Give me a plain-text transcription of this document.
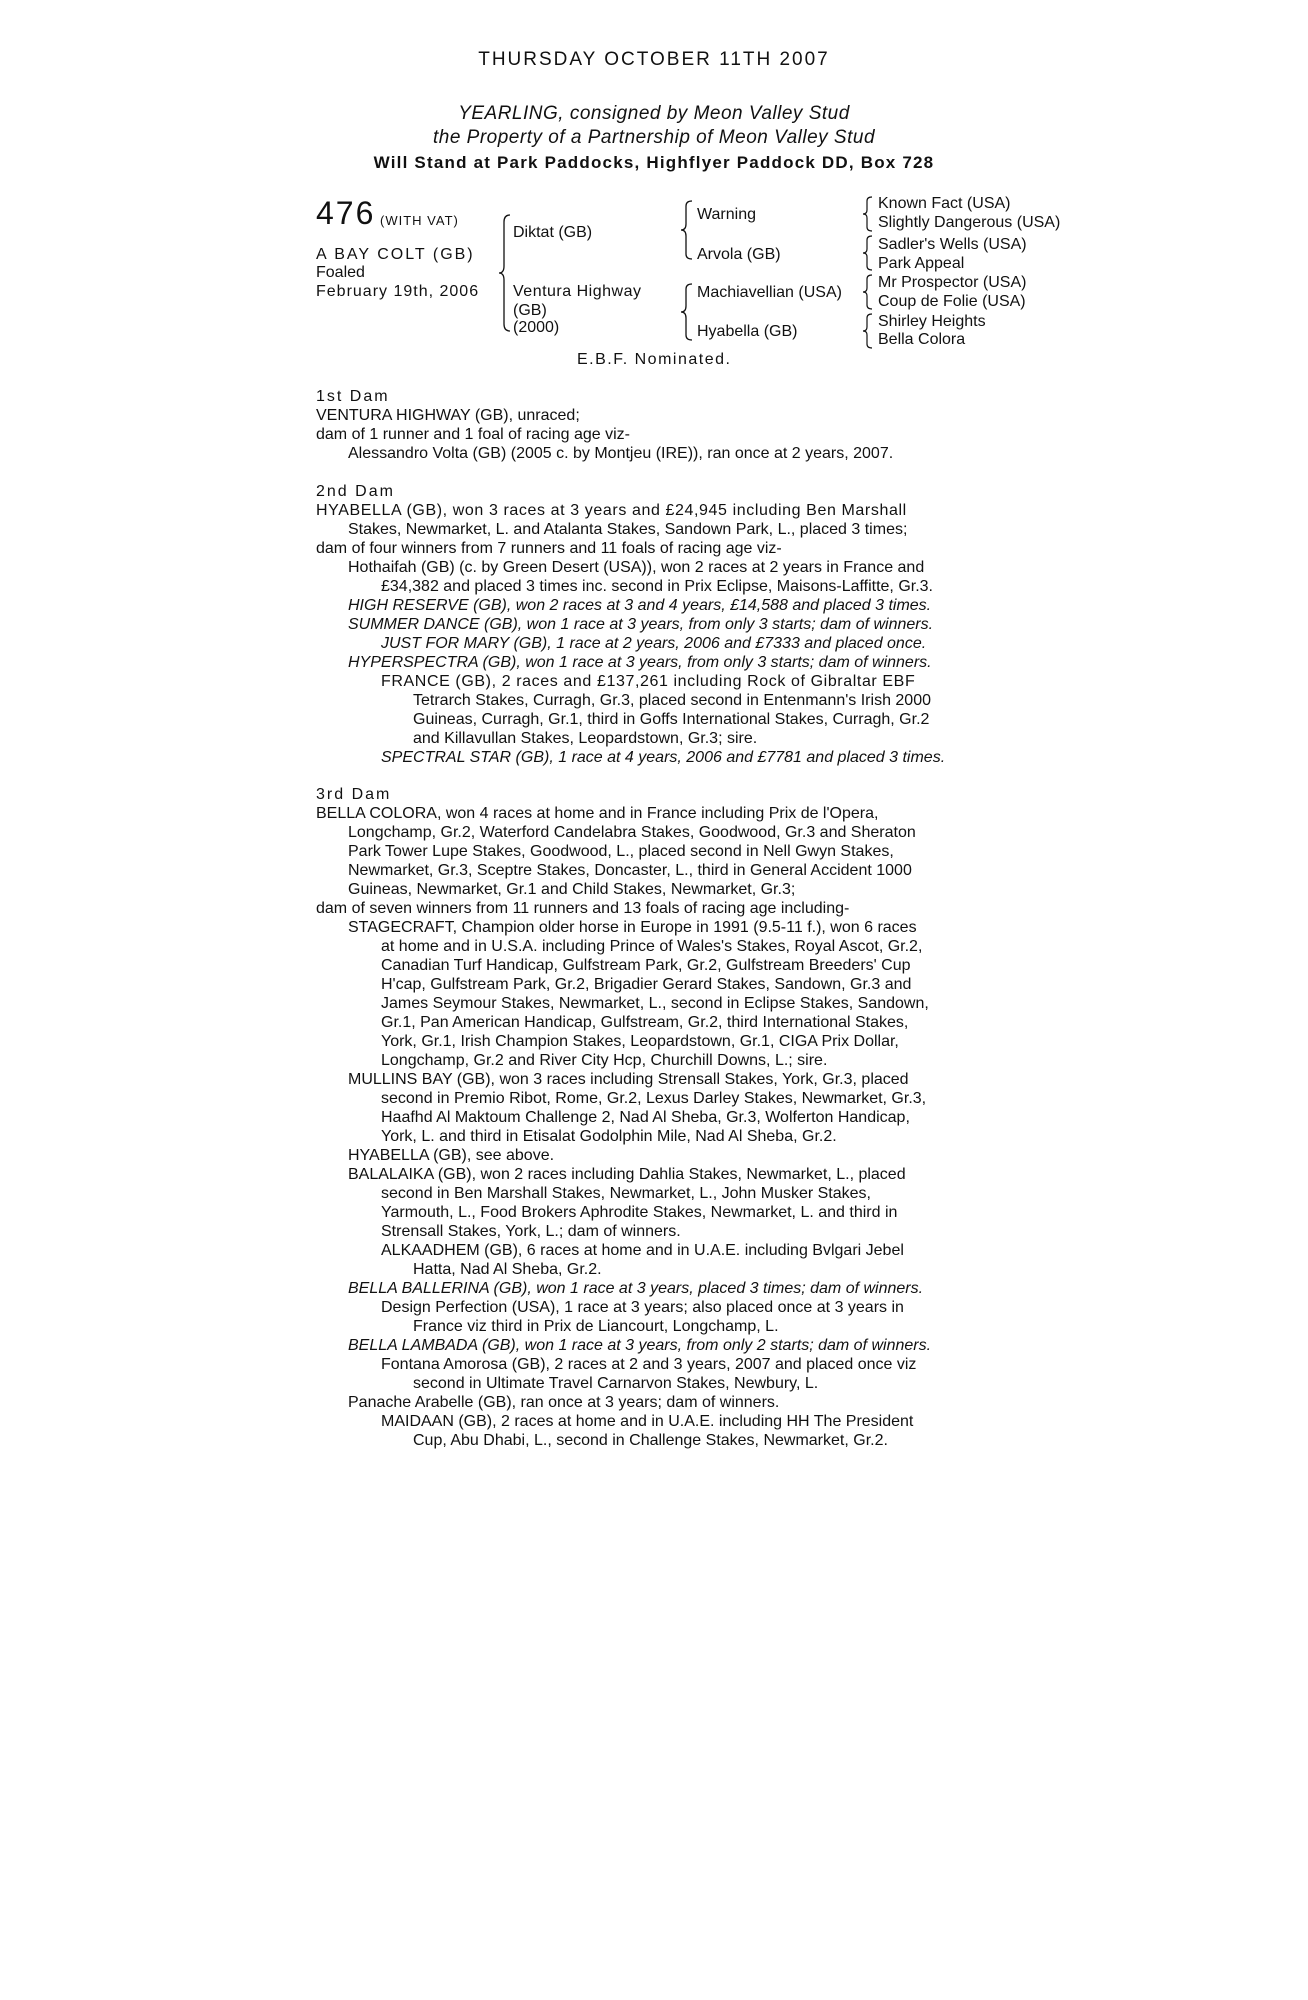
THURSDAY OCTOBER 11TH 2007
YEARLING, consigned by Meon Valley Stud
the Property of a Partnership of Meon Valley Stud
Will Stand at Park Paddocks, Highflyer Paddock DD, Box 728
476 (WITH VAT)
A BAY COLT (GB)
Foaled
February 19th, 2006
Diktat (GB)
Ventura Highway
(GB)
(2000)
Warning
Arvola (GB)
Machiavellian (USA)
Hyabella (GB)
Known Fact (USA)
Slightly Dangerous (USA)
Sadler's Wells (USA)
Park Appeal
Mr Prospector (USA)
Coup de Folie (USA)
Shirley Heights
Bella Colora
E.B.F. Nominated.
1st Dam
VENTURA HIGHWAY (GB), unraced;
dam of 1 runner and 1 foal of racing age viz-
Alessandro Volta (GB) (2005 c. by Montjeu (IRE)), ran once at 2 years, 2007.
2nd Dam
HYABELLA (GB), won 3 races at 3 years and £24,945 including Ben Marshall
Stakes, Newmarket, L. and Atalanta Stakes, Sandown Park, L., placed 3 times;
dam of four winners from 7 runners and 11 foals of racing age viz-
Hothaifah (GB) (c. by Green Desert (USA)), won 2 races at 2 years in France and
£34,382 and placed 3 times inc. second in Prix Eclipse, Maisons-Laffitte, Gr.3.
HIGH RESERVE (GB), won 2 races at 3 and 4 years, £14,588 and placed 3 times.
SUMMER DANCE (GB), won 1 race at 3 years, from only 3 starts; dam of winners.
JUST FOR MARY (GB), 1 race at 2 years, 2006 and £7333 and placed once.
HYPERSPECTRA (GB), won 1 race at 3 years, from only 3 starts; dam of winners.
FRANCE (GB), 2 races and £137,261 including Rock of Gibraltar EBF
Tetrarch Stakes, Curragh, Gr.3, placed second in Entenmann's Irish 2000
Guineas, Curragh, Gr.1, third in Goffs International Stakes, Curragh, Gr.2
and Killavullan Stakes, Leopardstown, Gr.3; sire.
SPECTRAL STAR (GB), 1 race at 4 years, 2006 and £7781 and placed 3 times.
3rd Dam
BELLA COLORA, won 4 races at home and in France including Prix de l'Opera,
Longchamp, Gr.2, Waterford Candelabra Stakes, Goodwood, Gr.3 and Sheraton
Park Tower Lupe Stakes, Goodwood, L., placed second in Nell Gwyn Stakes,
Newmarket, Gr.3, Sceptre Stakes, Doncaster, L., third in General Accident 1000
Guineas, Newmarket, Gr.1 and Child Stakes, Newmarket, Gr.3;
dam of seven winners from 11 runners and 13 foals of racing age including-
STAGECRAFT, Champion older horse in Europe in 1991 (9.5-11 f.), won 6 races
at home and in U.S.A. including Prince of Wales's Stakes, Royal Ascot, Gr.2,
Canadian Turf Handicap, Gulfstream Park, Gr.2, Gulfstream Breeders' Cup
H'cap, Gulfstream Park, Gr.2, Brigadier Gerard Stakes, Sandown, Gr.3 and
James Seymour Stakes, Newmarket, L., second in Eclipse Stakes, Sandown,
Gr.1, Pan American Handicap, Gulfstream, Gr.2, third International Stakes,
York, Gr.1, Irish Champion Stakes, Leopardstown, Gr.1, CIGA Prix Dollar,
Longchamp, Gr.2 and River City Hcp, Churchill Downs, L.; sire.
MULLINS BAY (GB), won 3 races including Strensall Stakes, York, Gr.3, placed
second in Premio Ribot, Rome, Gr.2, Lexus Darley Stakes, Newmarket, Gr.3,
Haafhd Al Maktoum Challenge 2, Nad Al Sheba, Gr.3, Wolferton Handicap,
York, L. and third in Etisalat Godolphin Mile, Nad Al Sheba, Gr.2.
HYABELLA (GB), see above.
BALALAIKA (GB), won 2 races including Dahlia Stakes, Newmarket, L., placed
second in Ben Marshall Stakes, Newmarket, L., John Musker Stakes,
Yarmouth, L., Food Brokers Aphrodite Stakes, Newmarket, L. and third in
Strensall Stakes, York, L.; dam of winners.
ALKAADHEM (GB), 6 races at home and in U.A.E. including Bvlgari Jebel
Hatta, Nad Al Sheba, Gr.2.
BELLA BALLERINA (GB), won 1 race at 3 years, placed 3 times; dam of winners.
Design Perfection (USA), 1 race at 3 years; also placed once at 3 years in
France viz third in Prix de Liancourt, Longchamp, L.
BELLA LAMBADA (GB), won 1 race at 3 years, from only 2 starts; dam of winners.
Fontana Amorosa (GB), 2 races at 2 and 3 years, 2007 and placed once viz
second in Ultimate Travel Carnarvon Stakes, Newbury, L.
Panache Arabelle (GB), ran once at 3 years; dam of winners.
MAIDAAN (GB), 2 races at home and in U.A.E. including HH The President
Cup, Abu Dhabi, L., second in Challenge Stakes, Newmarket, Gr.2.
